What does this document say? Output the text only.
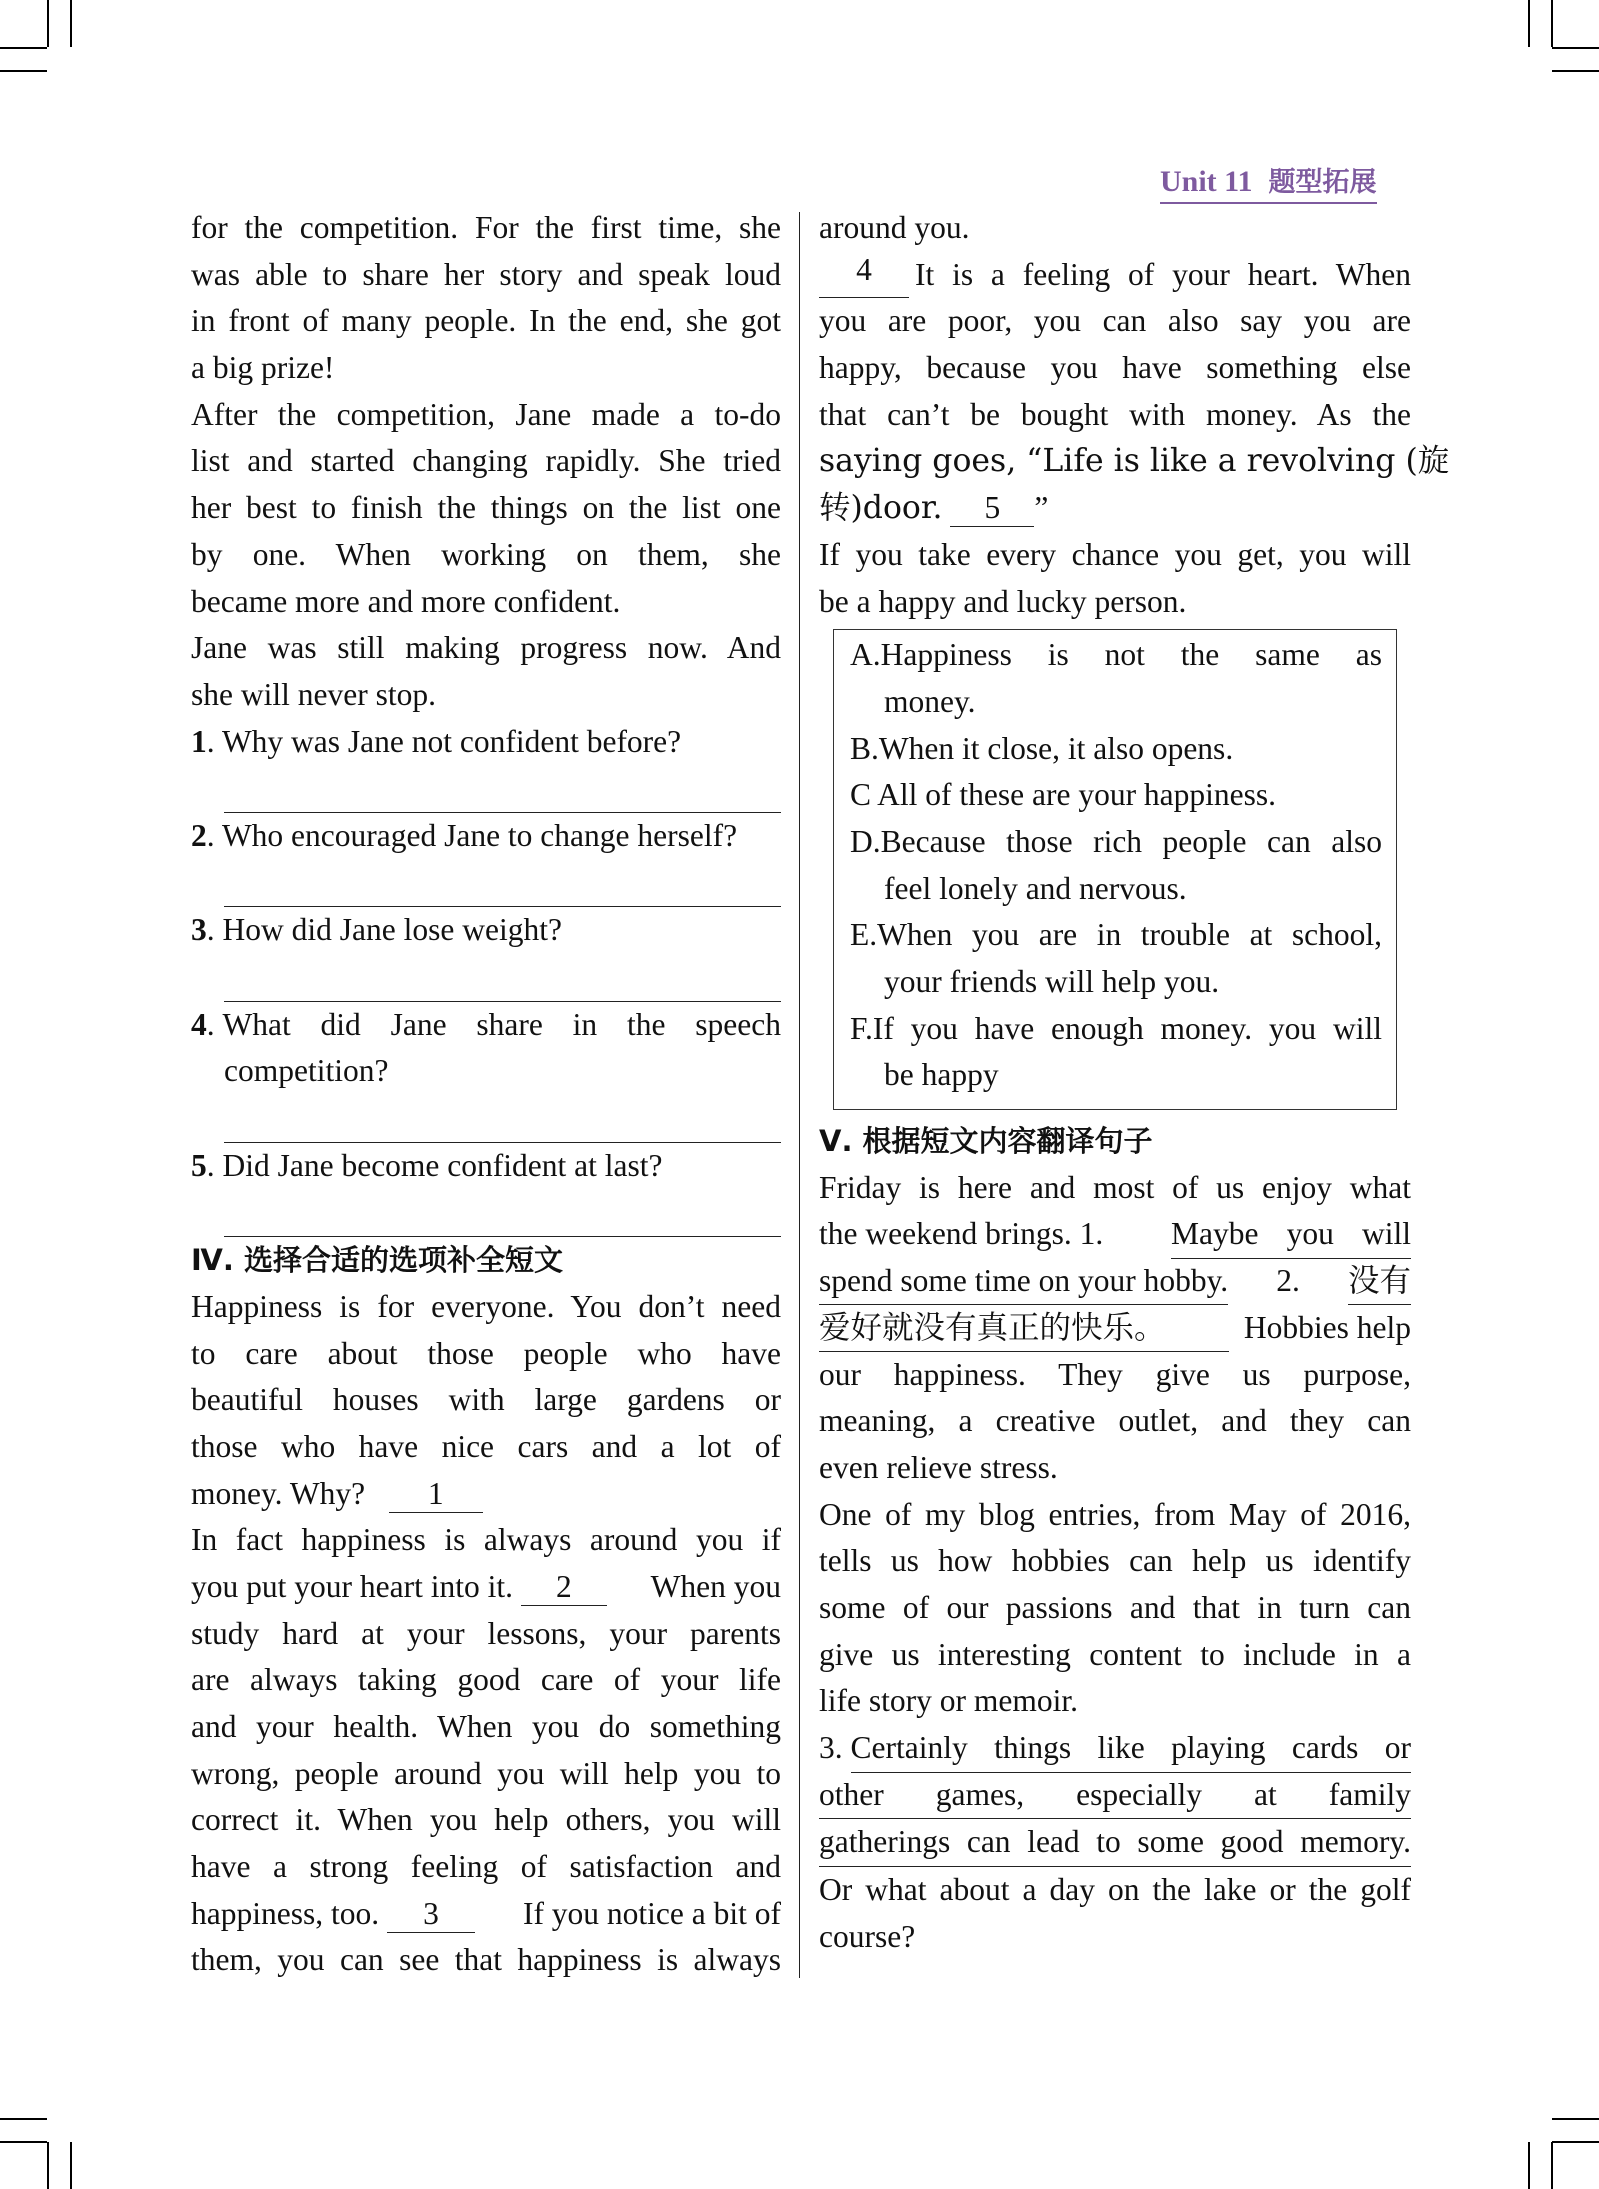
Unit 11 题型拓展
for the competition. For the first time, she
was able to share her story and speak loud
in front of many people. In the end, she got
a big prize!
After the competition, Jane made a to-do
list and started changing rapidly. She tried
her best to finish the things on the list one
by one. When working on them, she
became more and more confident.
Jane was still making progress now. And
she will never stop.
1. Why was Jane not confident before?
2. Who encouraged Jane to change herself?
3. How did Jane lose weight?
4 . What did Jane share in the speech
competition?
5. Did Jane become confident at last?
Ⅳ. 选择合适的选项补全短文
Happiness is for everyone. You don’t need
to care about those people who have
beautiful houses with large gardens or
those who have nice cars and a lot of
money. Why? 1
In fact happiness is always around you if
you put your heart into it. 2	When you
study hard at your lessons, your parents
are always taking good care of your life
and your health. When you do something
wrong, people around you will help you to
correct it. When you help others, you will
have a strong feeling of satisfaction and
happiness, too. 3	If you notice a bit of
them, you can see that happiness is always
around you.
4	It is a feeling of your heart. When
you are poor, you can also say you are
happy, because you have something else
that can’t be bought with money. As the
saying goes, “Life is like a revolving (旋
转)door. 5 ”
If you take every chance you get, you will
be a happy and lucky person.
A. Happiness is not the same as
money.
B.When it close, it also opens.
C All of these are your happiness.
D. Because those rich people can also
feel lonely and nervous.
E. When you are in trouble at school,
your friends will help you.
F. If you have enough money. you will
be happy
Ⅴ. 根据短文内容翻译句子
Friday is here and most of us enjoy what
the weekend brings. 1. Maybe you will
spend some time on your hobby. 2. 没有
爱好就没有真正的快乐。	Hobbies help
our happiness. They give us purpose,
meaning, a creative outlet, and they can
even relieve stress.
One of my blog entries, from May of 2016,
tells us how hobbies can help us identify
some of our passions and that in turn can
give us interesting content to include in a
life story or memoir.
3.
Certainly things like playing cards or
other games, especially at family
gatherings can lead to some good memory.
Or what about a day on the lake or the golf
course?
